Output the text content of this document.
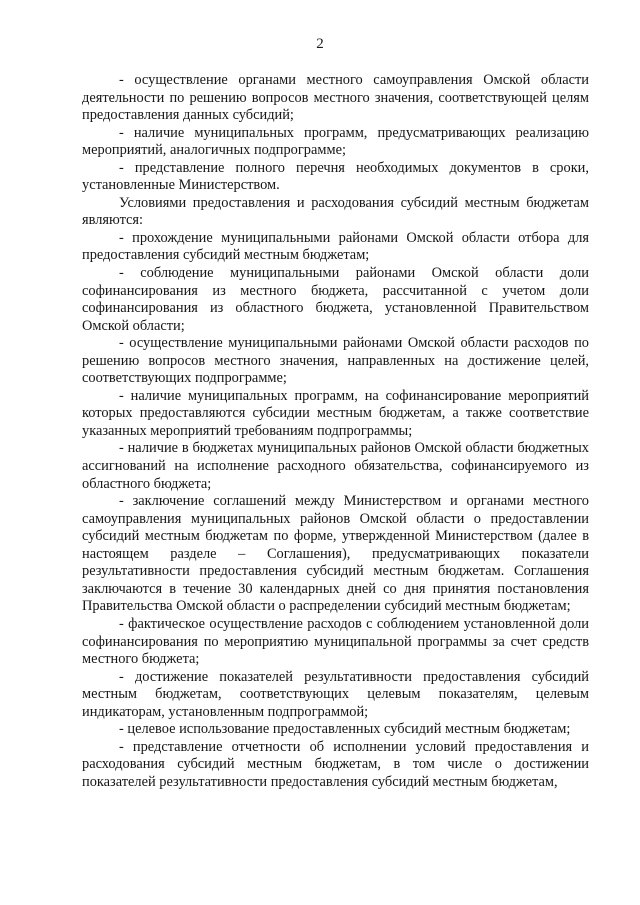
2

- осуществление органами местного самоуправления Омской области деятельности по решению вопросов местного значения, соответствующей целям предоставления данных субсидий;

- наличие муниципальных программ, предусматривающих реализацию мероприятий, аналогичных подпрограмме;

- представление полного перечня необходимых документов в сроки, установленные Министерством.

Условиями предоставления и расходования субсидий местным бюджетам являются:

- прохождение муниципальными районами Омской области отбора для предоставления субсидий местным бюджетам;

- соблюдение муниципальными районами Омской области доли софинансирования из местного бюджета, рассчитанной с учетом доли софинансирования из областного бюджета, установленной Правительством Омской области;

- осуществление муниципальными районами Омской области расходов по решению вопросов местного значения, направленных на достижение целей, соответствующих подпрограмме;

- наличие муниципальных программ, на софинансирование мероприятий которых предоставляются субсидии местным бюджетам, а также соответствие указанных мероприятий требованиям подпрограммы;

- наличие в бюджетах муниципальных районов Омской области бюджетных ассигнований на исполнение расходного обязательства, софинансируемого из областного бюджета;

- заключение соглашений между Министерством и органами местного самоуправления муниципальных районов Омской области о предоставлении субсидий местным бюджетам по форме, утвержденной Министерством (далее в настоящем разделе – Соглашения), предусматривающих показатели результативности предоставления субсидий местным бюджетам. Соглашения заключаются в течение 30 календарных дней со дня принятия постановления Правительства Омской области о распределении субсидий местным бюджетам;

- фактическое осуществление расходов с соблюдением установленной доли софинансирования по мероприятию муниципальной программы за счет средств местного бюджета;

- достижение показателей результативности предоставления субсидий местным бюджетам, соответствующих целевым показателям, целевым индикаторам, установленным подпрограммой;

- целевое использование предоставленных субсидий местным бюджетам;

- представление отчетности об исполнении условий предоставления и расходования субсидий местным бюджетам, в том числе о достижении показателей результативности предоставления субсидий местным бюджетам,
